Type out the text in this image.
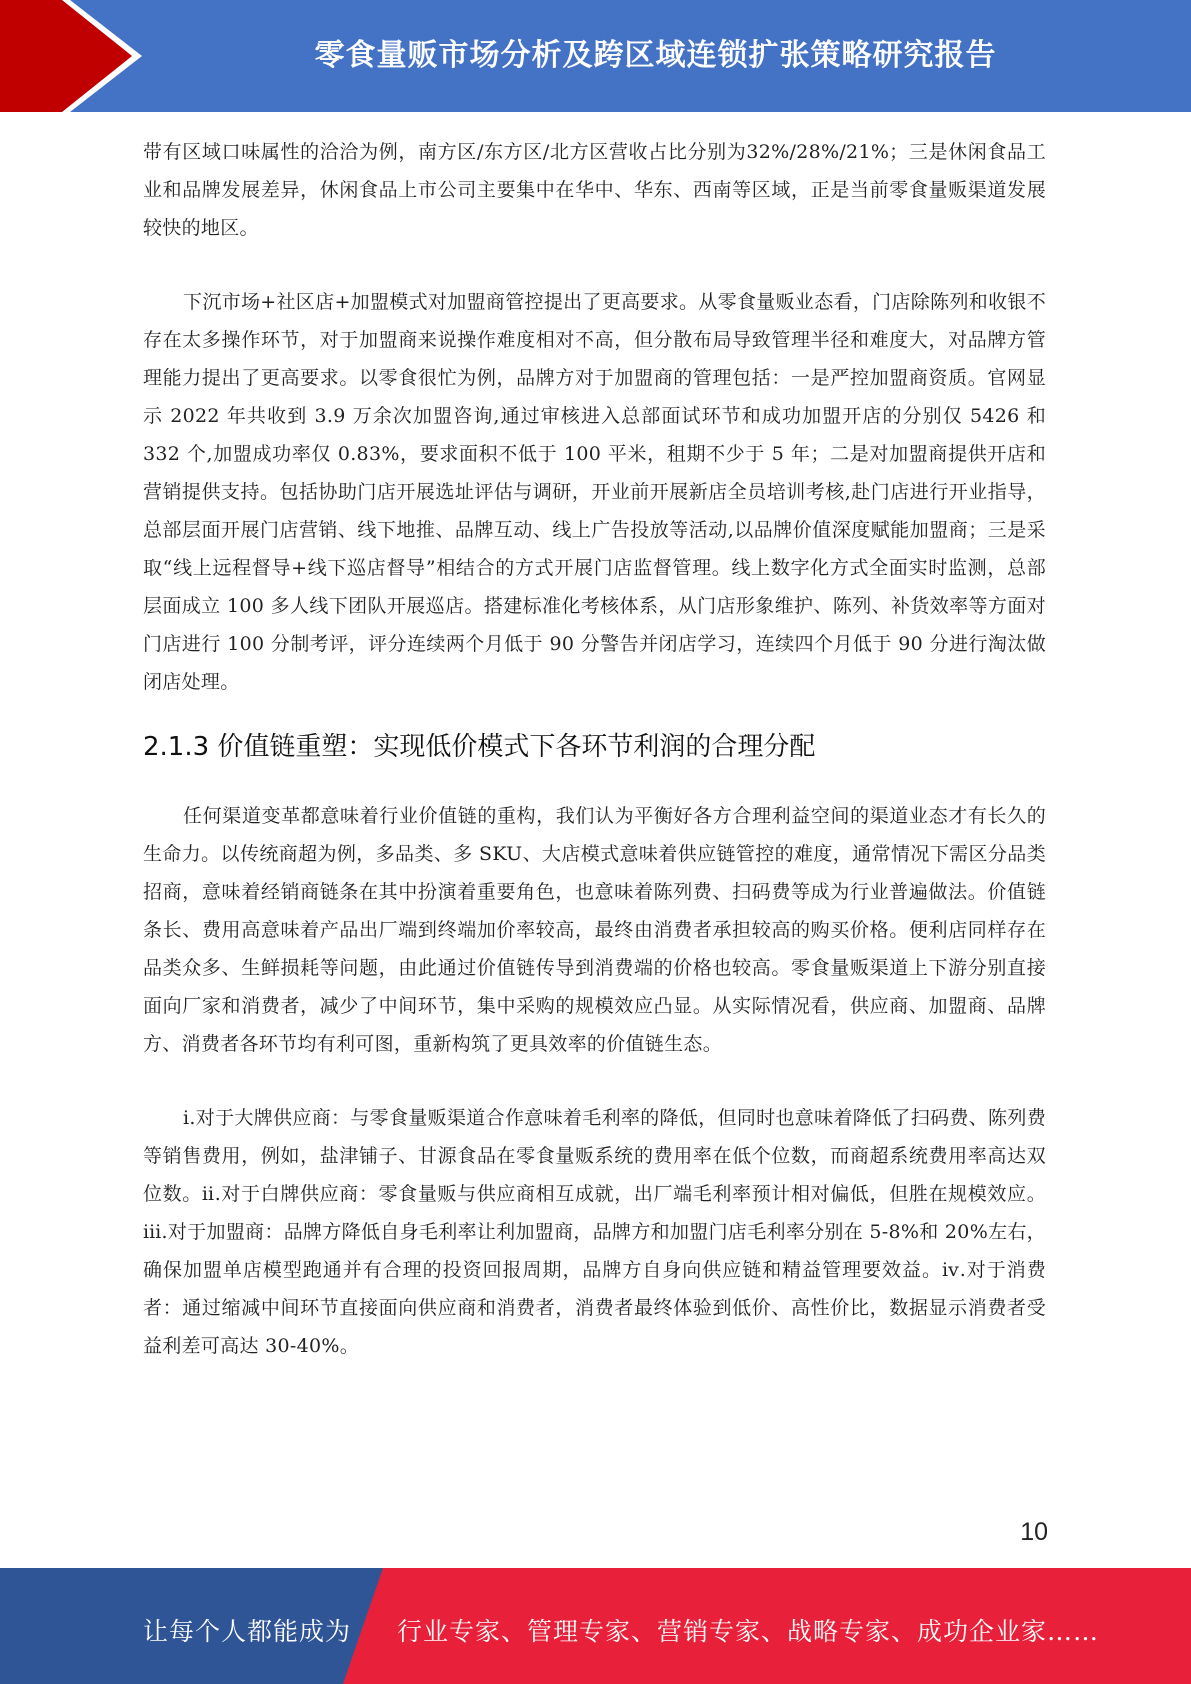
零食量贩市场分析及跨区域连锁扩张策略研究报告

带有区域口味属性的洽洽为例，南方区/东方区/北方区营收占比分别为32%/28%/21%；三是休闲食品工业和品牌发展差异，休闲食品上市公司主要集中在华中、华东、西南等区域，正是当前零食量贩渠道发展较快的地区。

下沉市场+社区店+加盟模式对加盟商管控提出了更高要求。从零食量贩业态看，门店除陈列和收银不存在太多操作环节，对于加盟商来说操作难度相对不高，但分散布局导致管理半径和难度大，对品牌方管理能力提出了更高要求。以零食很忙为例，品牌方对于加盟商的管理包括：一是严控加盟商资质。官网显示 2022 年共收到 3.9 万余次加盟咨询,通过审核进入总部面试环节和成功加盟开店的分别仅 5426 和 332 个,加盟成功率仅 0.83%，要求面积不低于 100 平米，租期不少于 5 年；二是对加盟商提供开店和营销提供支持。包括协助门店开展选址评估与调研，开业前开展新店全员培训考核,赴门店进行开业指导，总部层面开展门店营销、线下地推、品牌互动、线上广告投放等活动,以品牌价值深度赋能加盟商；三是采取“线上远程督导+线下巡店督导”相结合的方式开展门店监督管理。线上数字化方式全面实时监测，总部层面成立 100 多人线下团队开展巡店。搭建标准化考核体系，从门店形象维护、陈列、补货效率等方面对门店进行 100 分制考评，评分连续两个月低于 90 分警告并闭店学习，连续四个月低于 90 分进行淘汰做闭店处理。

2.1.3 价值链重塑：实现低价模式下各环节利润的合理分配

任何渠道变革都意味着行业价值链的重构，我们认为平衡好各方合理利益空间的渠道业态才有长久的生命力。以传统商超为例，多品类、多 SKU、大店模式意味着供应链管控的难度，通常情况下需区分品类招商，意味着经销商链条在其中扮演着重要角色，也意味着陈列费、扫码费等成为行业普遍做法。价值链条长、费用高意味着产品出厂端到终端加价率较高，最终由消费者承担较高的购买价格。便利店同样存在品类众多、生鲜损耗等问题，由此通过价值链传导到消费端的价格也较高。零食量贩渠道上下游分别直接面向厂家和消费者，减少了中间环节，集中采购的规模效应凸显。从实际情况看，供应商、加盟商、品牌方、消费者各环节均有利可图，重新构筑了更具效率的价值链生态。

ⅰ.对于大牌供应商：与零食量贩渠道合作意味着毛利率的降低，但同时也意味着降低了扫码费、陈列费等销售费用，例如，盐津铺子、甘源食品在零食量贩系统的费用率在低个位数，而商超系统费用率高达双位数。ⅱ.对于白牌供应商：零食量贩与供应商相互成就，出厂端毛利率预计相对偏低，但胜在规模效应。ⅲ.对于加盟商：品牌方降低自身毛利率让利加盟商，品牌方和加盟门店毛利率分别在 5-8%和 20%左右，确保加盟单店模型跑通并有合理的投资回报周期，品牌方自身向供应链和精益管理要效益。ⅳ.对于消费者：通过缩减中间环节直接面向供应商和消费者，消费者最终体验到低价、高性价比，数据显示消费者受益利差可高达 30-40%。

10
让每个人都能成为 行业专家、管理专家、营销专家、战略专家、成功企业家……
